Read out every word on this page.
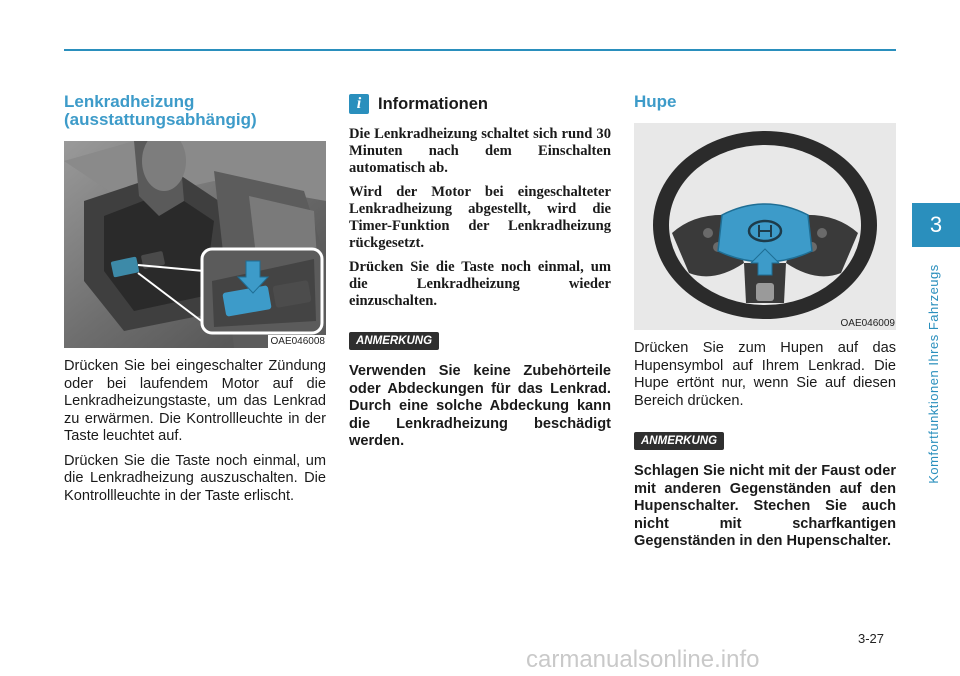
Lenkradheizung
(ausstattungsabhängig)
OAE046008

Drücken Sie bei eingeschalter Zündung oder bei laufendem Motor auf die Lenkradheizungstaste, um das Lenkrad zu erwärmen. Die Kontrollleuchte in der Taste leuchtet auf.

Drücken Sie die Taste noch einmal, um die Lenkradheizung auszuschalten. Die Kontrollleuchte in der Taste erlischt.

i	Informationen

Die Lenkradheizung schaltet sich rund 30 Minuten nach dem Einschalten automatisch ab.

Wird der Motor bei eingeschalteter Lenkradheizung abgestellt, wird die Timer-Funktion der Lenkradheizung rückgesetzt.

Drücken Sie die Taste noch einmal, um die Lenkradheizung wieder einzuschalten.

ANMERKUNG

Verwenden Sie keine Zubehörteile oder Abdeckungen für das Lenkrad. Durch eine solche Abdeckung kann die Lenkradheizung beschädigt werden.

Hupe
OAE046009

Drücken Sie zum Hupen auf das Hupensymbol auf Ihrem Lenkrad. Die Hupe ertönt nur, wenn Sie auf diesen Bereich drücken.

ANMERKUNG

Schlagen Sie nicht mit der Faust oder mit anderen Gegenständen auf den Hupenschalter. Stechen Sie auch nicht mit scharfkantigen Gegenständen in den Hupenschalter.

3
Komfortfunktionen Ihres Fahrzeugs
3-27
carmanualsonline.info
